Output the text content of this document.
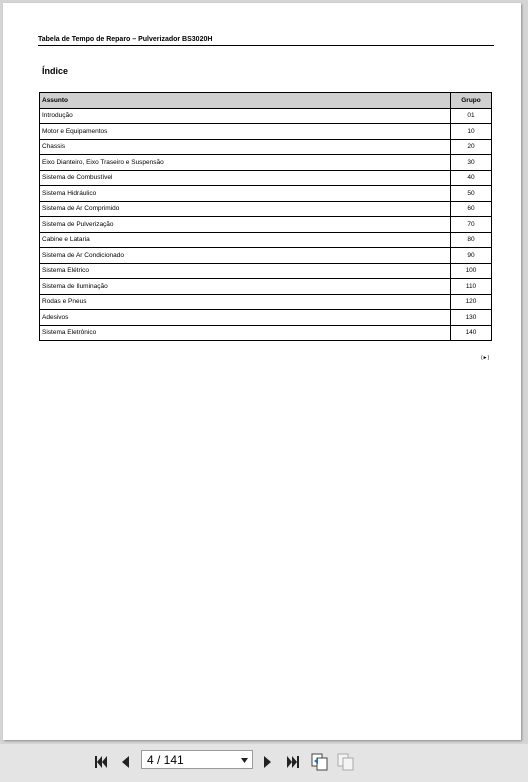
Tabela de Tempo de Reparo – Pulverizador BS3020H
Índice
Assunto	Grupo
Introdução	01
Motor e Equipamentos	10
Chassis	20
Eixo Dianteiro, Eixo Traseiro e Suspensão	30
Sistema de Combustível	40
Sistema Hidráulico	50
Sistema de Ar Comprimido	60
Sistema de Pulverização	70
Cabine e Lataria	80
Sistema de Ar Condicionado	90
Sistema Elétrico	100
Sistema de Iluminação	110
Rodas e Pneus	120
Adesivos	130
Sistema Eletrônico	140
(►)
4 / 141
